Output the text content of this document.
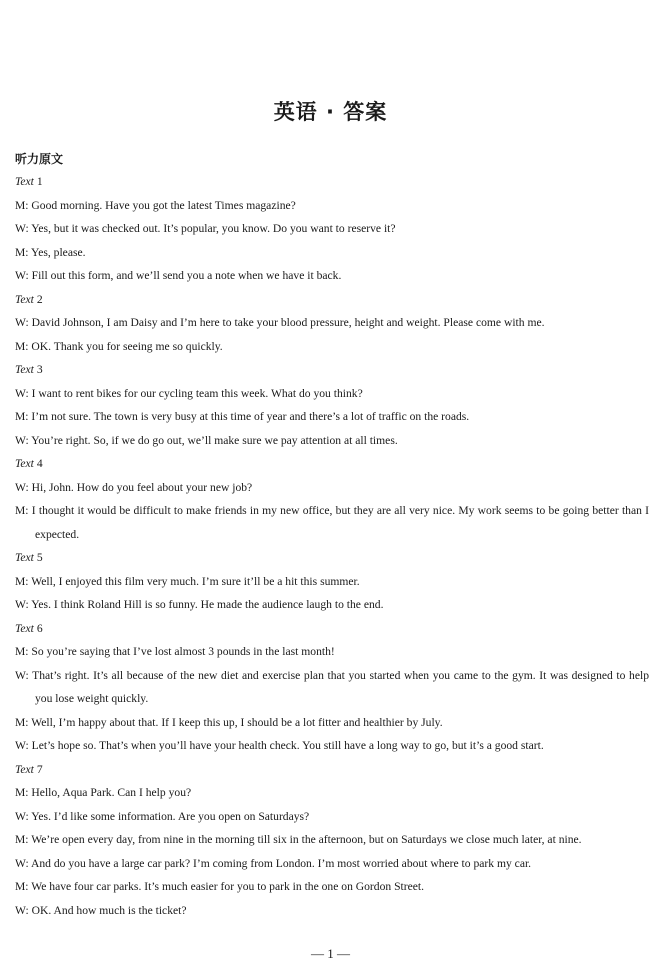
英语 · 答案
听力原文
Text 1
M: Good morning. Have you got the latest Times magazine?
W: Yes, but it was checked out. It’s popular, you know. Do you want to reserve it?
M: Yes, please.
W: Fill out this form, and we’ll send you a note when we have it back.
Text 2
W: David Johnson, I am Daisy and I’m here to take your blood pressure, height and weight. Please come with me.
M: OK. Thank you for seeing me so quickly.
Text 3
W: I want to rent bikes for our cycling team this week. What do you think?
M: I’m not sure. The town is very busy at this time of year and there’s a lot of traffic on the roads.
W: You’re right. So, if we do go out, we’ll make sure we pay attention at all times.
Text 4
W: Hi, John. How do you feel about your new job?
M: I thought it would be difficult to make friends in my new office, but they are all very nice. My work seems to be going better than I expected.
Text 5
M: Well, I enjoyed this film very much. I’m sure it’ll be a hit this summer.
W: Yes. I think Roland Hill is so funny. He made the audience laugh to the end.
Text 6
M: So you’re saying that I’ve lost almost 3 pounds in the last month!
W: That’s right. It’s all because of the new diet and exercise plan that you started when you came to the gym. It was designed to help you lose weight quickly.
M: Well, I’m happy about that. If I keep this up, I should be a lot fitter and healthier by July.
W: Let’s hope so. That’s when you’ll have your health check. You still have a long way to go, but it’s a good start.
Text 7
M: Hello, Aqua Park. Can I help you?
W: Yes. I’d like some information. Are you open on Saturdays?
M: We’re open every day, from nine in the morning till six in the afternoon, but on Saturdays we close much later, at nine.
W: And do you have a large car park? I’m coming from London. I’m most worried about where to park my car.
M: We have four car parks. It’s much easier for you to park in the one on Gordon Street.
W: OK. And how much is the ticket?
— 1 —
